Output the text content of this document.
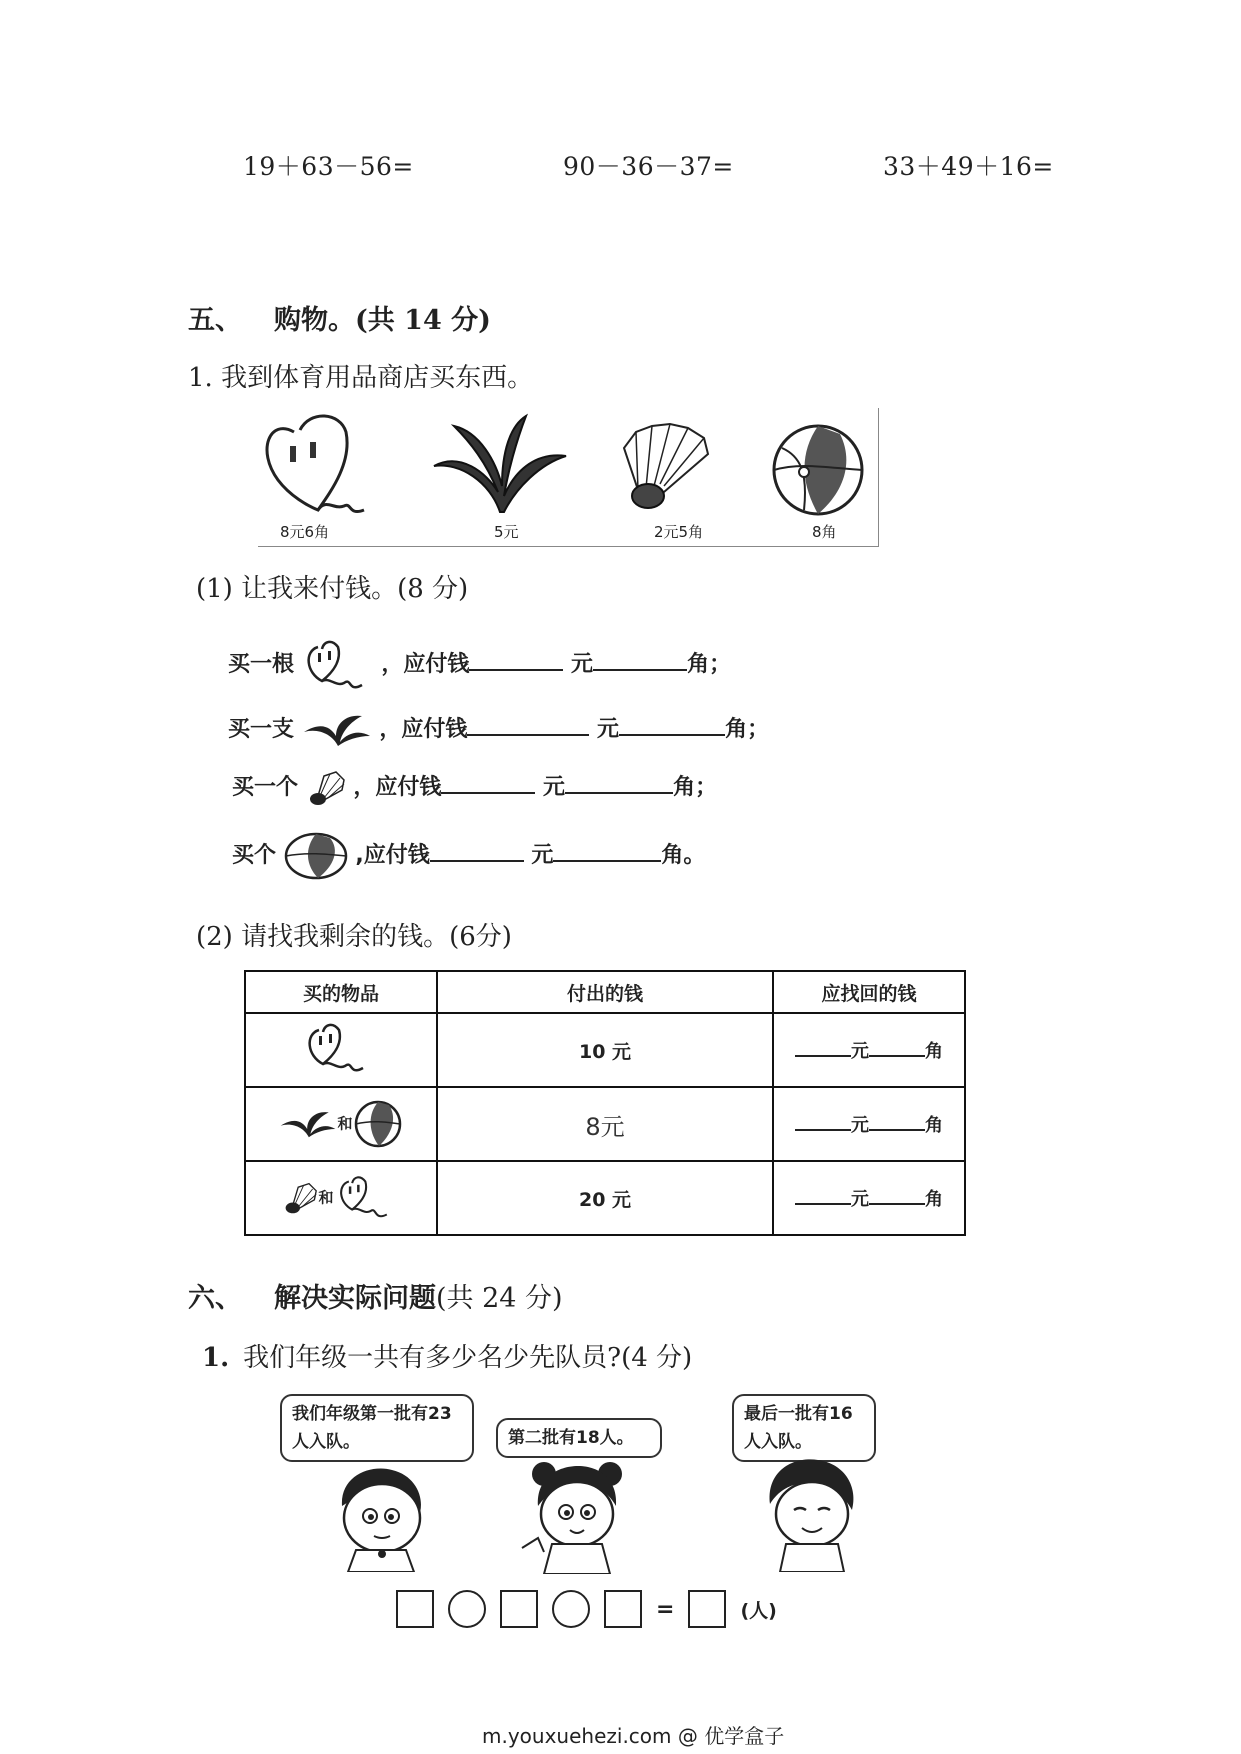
19＋63－56=	90－36－37=	33＋49＋16=
五、 购物。(共 14 分)
1. 我到体育用品商店买东西。
8元6角	5元	2元5角	8角
(1) 让我来付钱。(8 分)
买一根	，应付钱	元	角；
买一支	，应付钱	元	角；
买一个	，应付钱	元	角；
买个	,应付钱	元	角。
(2) 请找我剩余的钱。(6分)
买的物品	付出的钱	应找回的钱
	10 元	元 角
和	8元	元 角
和	20 元	元 角
六、 解决实际问题(共 24 分)
1. 我们年级一共有多少名少先队员?(4 分)
我们年级第一批有23人入队。	第二批有18人。
最后一批有16人入队。
=	(人)
m.youxuehezi.com @ 优学盒子
